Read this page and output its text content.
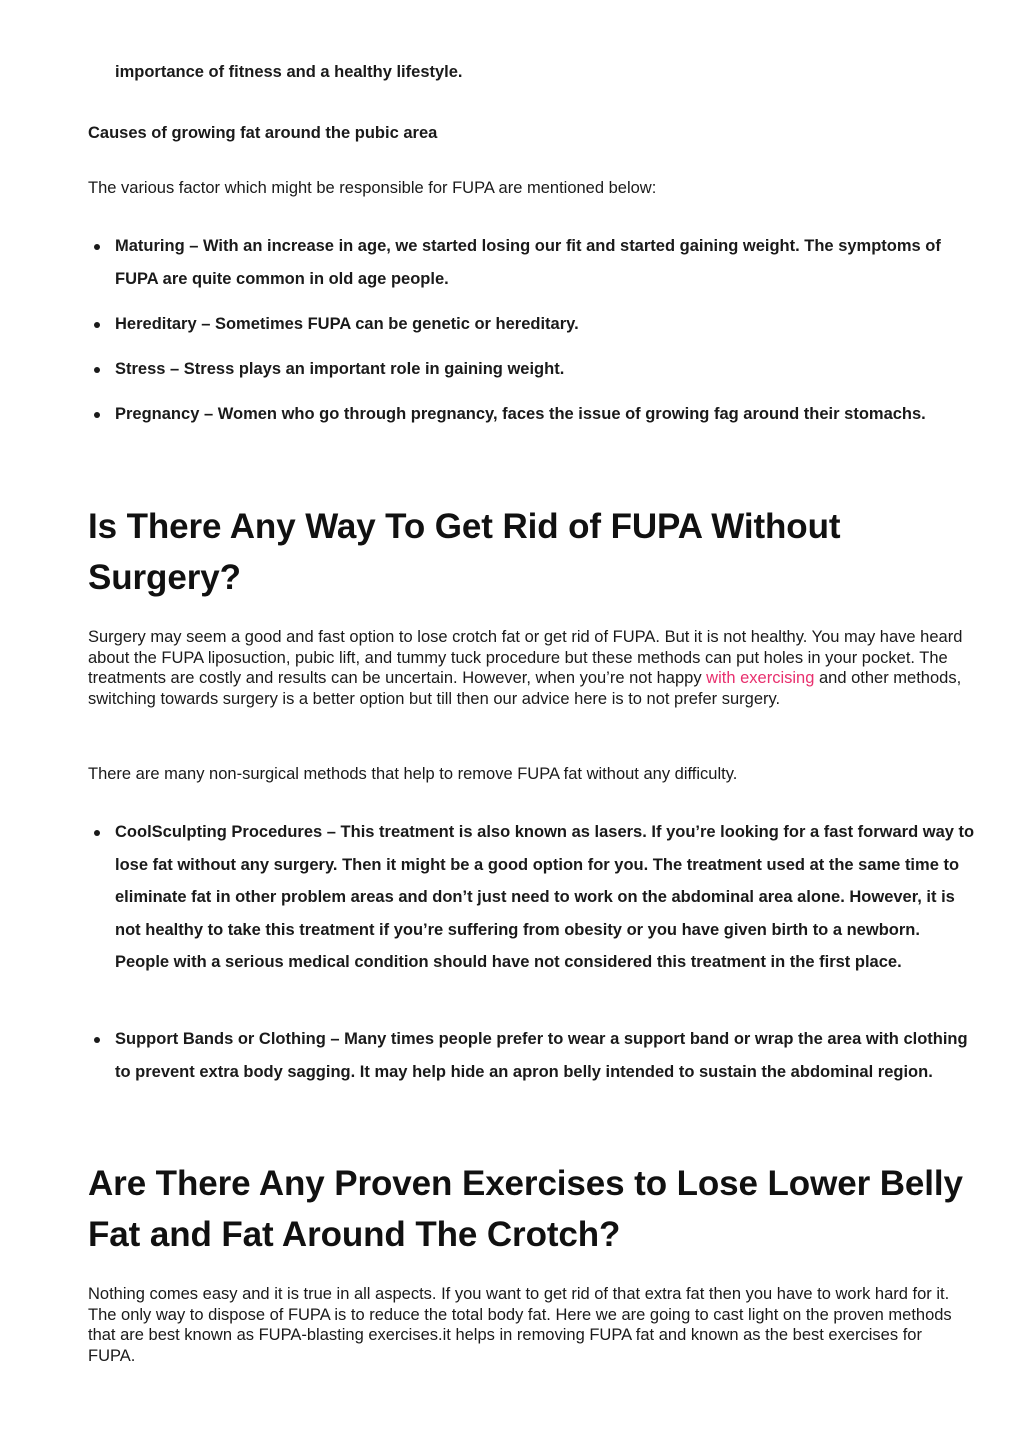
importance of fitness and a healthy lifestyle.

Causes of growing fat around the pubic area

The various factor which might be responsible for FUPA are mentioned below:

Maturing – With an increase in age, we started losing our fit and started gaining weight. The symptoms of FUPA are quite common in old age people.
Hereditary – Sometimes FUPA can be genetic or hereditary.
Stress – Stress plays an important role in gaining weight.
Pregnancy – Women who go through pregnancy, faces the issue of growing fag around their stomachs.
Is There Any Way To Get Rid of FUPA Without Surgery?

Surgery may seem a good and fast option to lose crotch fat or get rid of FUPA. But it is not healthy. You may have heard about the FUPA liposuction, pubic lift, and tummy tuck procedure but these methods can put holes in your pocket. The treatments are costly and results can be uncertain. However, when you’re not happy with exercising and other methods, switching towards surgery is a better option but till then our advice here is to not prefer surgery.

There are many non-surgical methods that help to remove FUPA fat without any difficulty.

CoolSculpting Procedures – This treatment is also known as lasers. If you’re looking for a fast forward way to lose fat without any surgery. Then it might be a good option for you. The treatment used at the same time to eliminate fat in other problem areas and don’t just need to work on the abdominal area alone. However, it is not healthy to take this treatment if you’re suffering from obesity or you have given birth to a newborn. People with a serious medical condition should have not considered this treatment in the first place.
Support Bands or Clothing – Many times people prefer to wear a support band or wrap the area with clothing to prevent extra body sagging. It may help hide an apron belly intended to sustain the abdominal region.
Are There Any Proven Exercises to Lose Lower Belly Fat and Fat Around The Crotch?

Nothing comes easy and it is true in all aspects. If you want to get rid of that extra fat then you have to work hard for it. The only way to dispose of FUPA is to reduce the total body fat. Here we are going to cast light on the proven methods that are best known as FUPA-blasting exercises.it helps in removing FUPA fat and known as the best exercises for FUPA.
